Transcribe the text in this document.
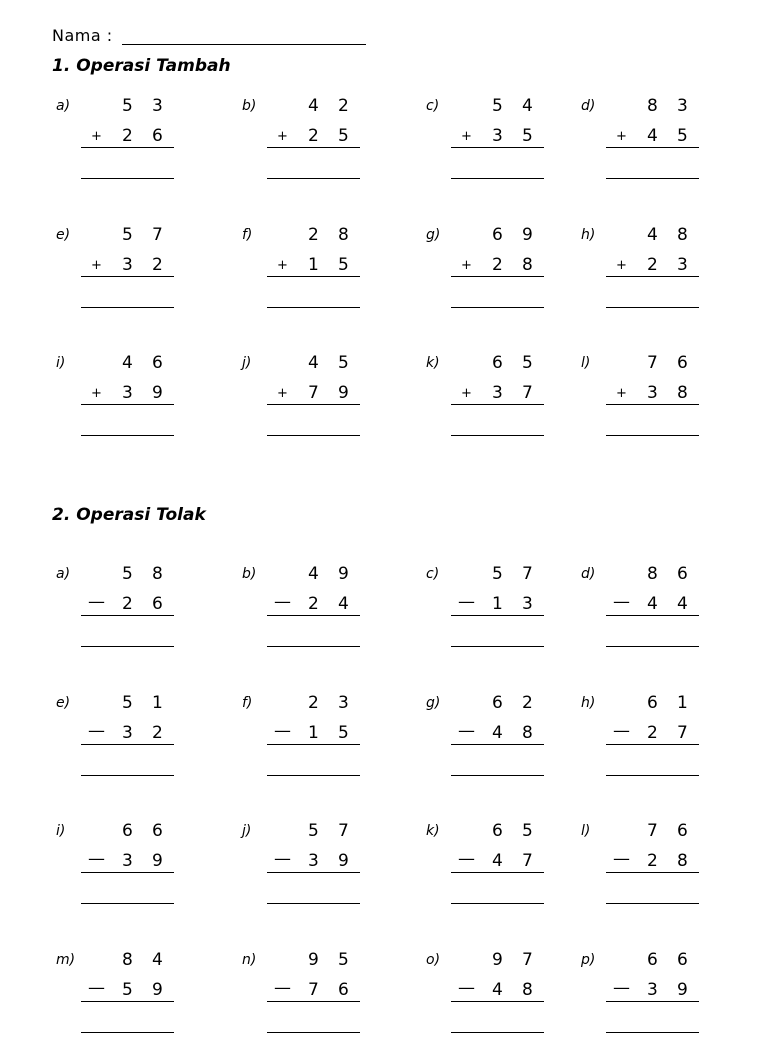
Nama :
1. Operasi Tambah
a)	5 3
+ 2 6
b)	4 2
+ 2 5
c)	5 4
+ 3 5
d)	8 3
+ 4 5
e)	5 7
+ 3 2
f)	2 8
+ 1 5
g)	6 9
+ 2 8
h)	4 8
+ 2 3
i)	4 6
+ 3 9
j)	4 5
+ 7 9
k)	6 5
+ 3 7
l)	7 6
+ 3 8
2. Operasi Tolak
a)	5 8
— 2 6
b)	4 9
— 2 4
c)	5 7
— 1 3
d)	8 6
— 4 4
e)	5 1
— 3 2
f)	2 3
— 1 5
g)	6 2
— 4 8
h)	6 1
— 2 7
i)	6 6
— 3 9
j)	5 7
— 3 9
k)	6 5
— 4 7
l)	7 6
— 2 8
m)	8 4
— 5 9
n)	9 5
— 7 6
o)	9 7
— 4 8
p)	6 6
— 3 9
